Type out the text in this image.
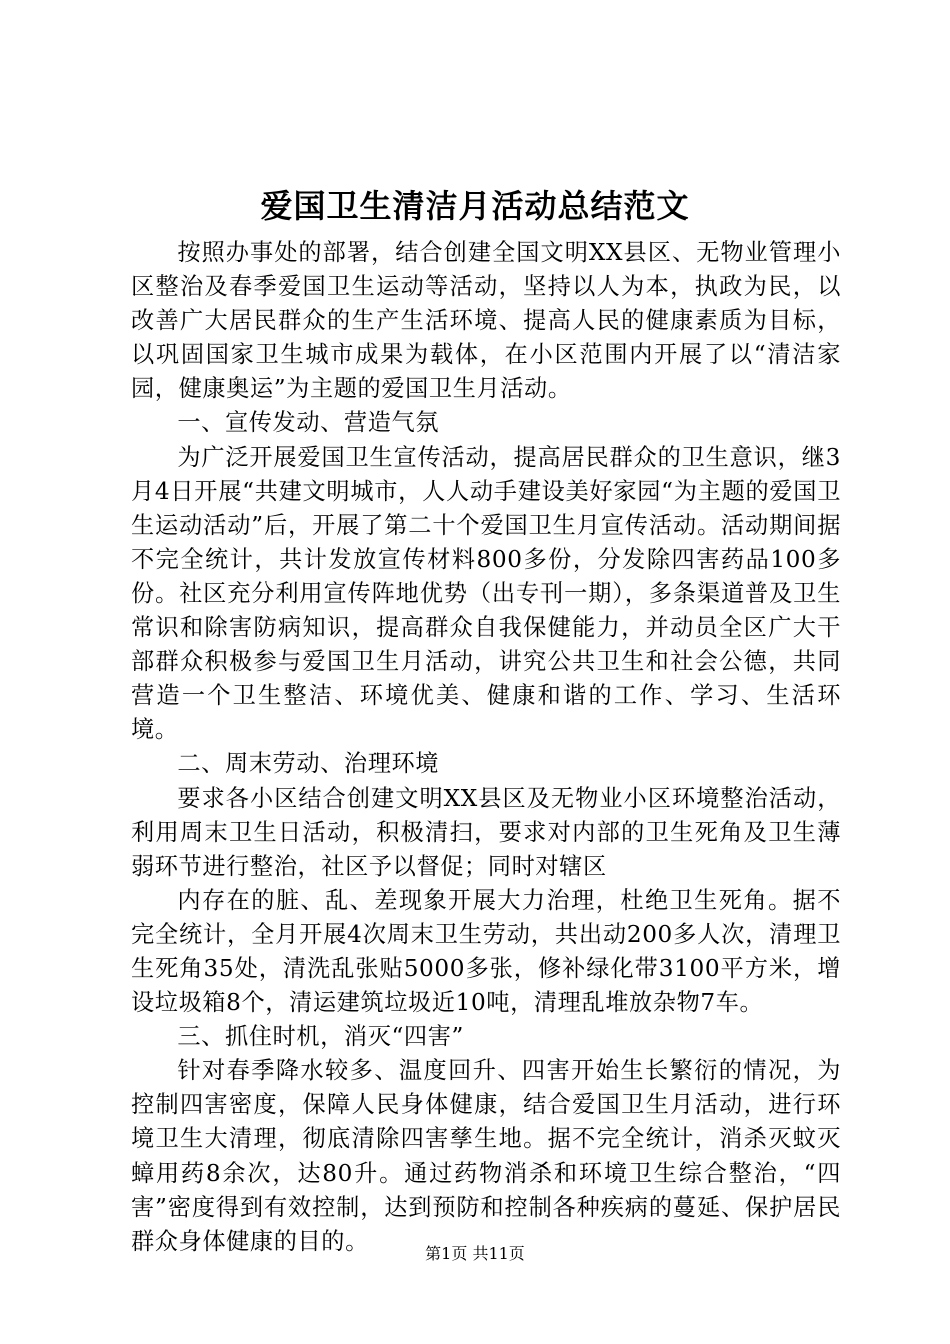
爱国卫生清洁月活动总结范文

按照办事处的部署，结合创建全国文明XX县区、无物业管理小区整治及春季爱国卫生运动等活动，坚持以人为本，执政为民，以改善广大居民群众的生产生活环境、提高人民的健康素质为目标，以巩固国家卫生城市成果为载体，在小区范围内开展了以“清洁家园，健康奥运”为主题的爱国卫生月活动。

一、宣传发动、营造气氛

为广泛开展爱国卫生宣传活动，提高居民群众的卫生意识，继3月4日开展“共建文明城市，人人动手建设美好家园“为主题的爱国卫生运动活动”后，开展了第二十个爱国卫生月宣传活动。活动期间据不完全统计，共计发放宣传材料800多份，分发除四害药品100多份。社区充分利用宣传阵地优势（出专刊一期），多条渠道普及卫生常识和除害防病知识，提高群众自我保健能力，并动员全区广大干部群众积极参与爱国卫生月活动，讲究公共卫生和社会公德，共同营造一个卫生整洁、环境优美、健康和谐的工作、学习、生活环境。

二、周末劳动、治理环境

要求各小区结合创建文明XX县区及无物业小区环境整治活动，利用周末卫生日活动，积极清扫，要求对内部的卫生死角及卫生薄弱环节进行整治，社区予以督促；同时对辖区

内存在的脏、乱、差现象开展大力治理，杜绝卫生死角。据不完全统计，全月开展4次周末卫生劳动，共出动200多人次，清理卫生死角35处，清洗乱张贴5000多张，修补绿化带3100平方米，增设垃圾箱8个，清运建筑垃圾近10吨，清理乱堆放杂物7车。

三、抓住时机，消灭“四害”

针对春季降水较多、温度回升、四害开始生长繁衍的情况，为控制四害密度，保障人民身体健康，结合爱国卫生月活动，进行环境卫生大清理，彻底清除四害孳生地。据不完全统计，消杀灭蚊灭蟑用药8余次，达80升。通过药物消杀和环境卫生综合整治，“四害”密度得到有效控制，达到预防和控制各种疾病的蔓延、保护居民群众身体健康的目的。	第1页 共11页
